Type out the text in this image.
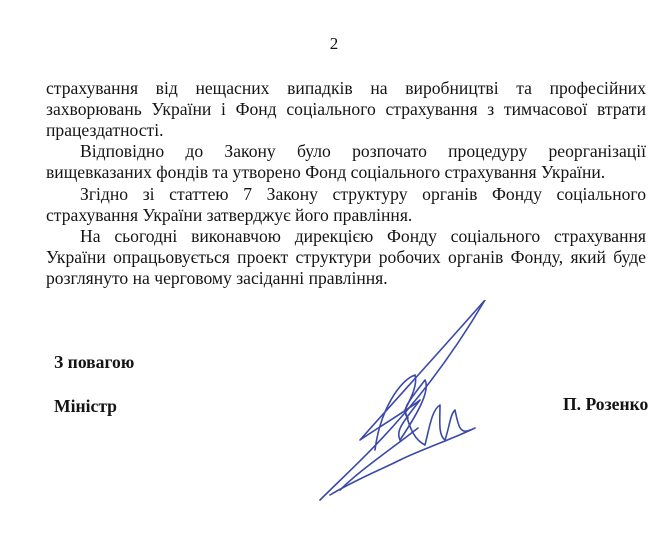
2
страхування від нещасних випадків на виробництві та професійних
захворювань України і Фонд соціального страхування з тимчасової втрати
працездатності.
Відповідно до Закону було розпочато процедуру реорганізації
вищевказаних фондів та утворено Фонд соціального страхування України.
Згідно зі статтею 7 Закону структуру органів Фонду соціального
страхування України затверджує його правління.
На сьогодні виконавчою дирекцією Фонду соціального страхування
України опрацьовується проект структури робочих органів Фонду, який буде
розглянуто на черговому засіданні правління.
З повагою
Міністр	П. Розенко
